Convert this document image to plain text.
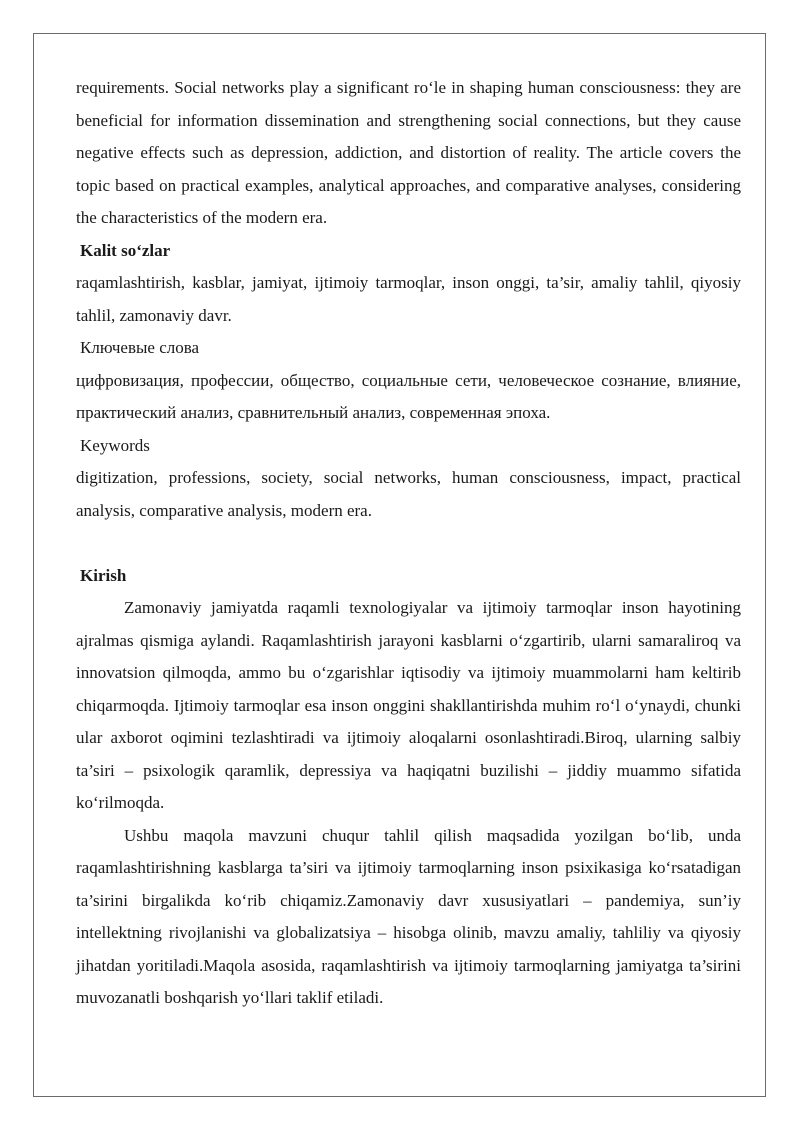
requirements. Social networks play a significant ro‘le in shaping human consciousness: they are beneficial for information dissemination and strengthening social connections, but they cause negative effects such as depression, addiction, and distortion of reality. The article covers the topic based on practical examples, analytical approaches, and comparative analyses, considering the characteristics of the modern era.

Kalit so‘zlar

raqamlashtirish, kasblar, jamiyat, ijtimoiy tarmoqlar, inson onggi, ta’sir, amaliy tahlil, qiyosiy tahlil, zamonaviy davr.

Ключевые слова

цифровизация, профессии, общество, социальные сети, человеческое сознание, влияние, практический анализ, сравнительный анализ, современная эпоха.

Keywords

digitization, professions, society, social networks, human consciousness, impact, practical analysis, comparative analysis, modern era.

Kirish

Zamonaviy jamiyatda raqamli texnologiyalar va ijtimoiy tarmoqlar inson hayotining ajralmas qismiga aylandi. Raqamlashtirish jarayoni kasblarni o‘zgartirib, ularni samaraliroq va innovatsion qilmoqda, ammo bu o‘zgarishlar iqtisodiy va ijtimoiy muammolarni ham keltirib chiqarmoqda. Ijtimoiy tarmoqlar esa inson onggini shakllantirishda muhim ro‘l o‘ynaydi, chunki ular axborot oqimini tezlashtiradi va ijtimoiy aloqalarni osonlashtiradi.Biroq, ularning salbiy ta’siri – psixologik qaramlik, depressiya va haqiqatni buzilishi – jiddiy muammo sifatida ko‘rilmoqda.

Ushbu maqola mavzuni chuqur tahlil qilish maqsadida yozilgan bo‘lib, unda raqamlashtirishning kasblarga ta’siri va ijtimoiy tarmoqlarning inson psixikasiga ko‘rsatadigan ta’sirini birgalikda ko‘rib chiqamiz.Zamonaviy davr xususiyatlari – pandemiya, sun’iy intellektning rivojlanishi va globalizatsiya – hisobga olinib, mavzu amaliy, tahliliy va qiyosiy jihatdan yoritiladi.Maqola asosida, raqamlashtirish va ijtimoiy tarmoqlarning jamiyatga ta’sirini muvozanatli boshqarish yo‘llari taklif etiladi.
